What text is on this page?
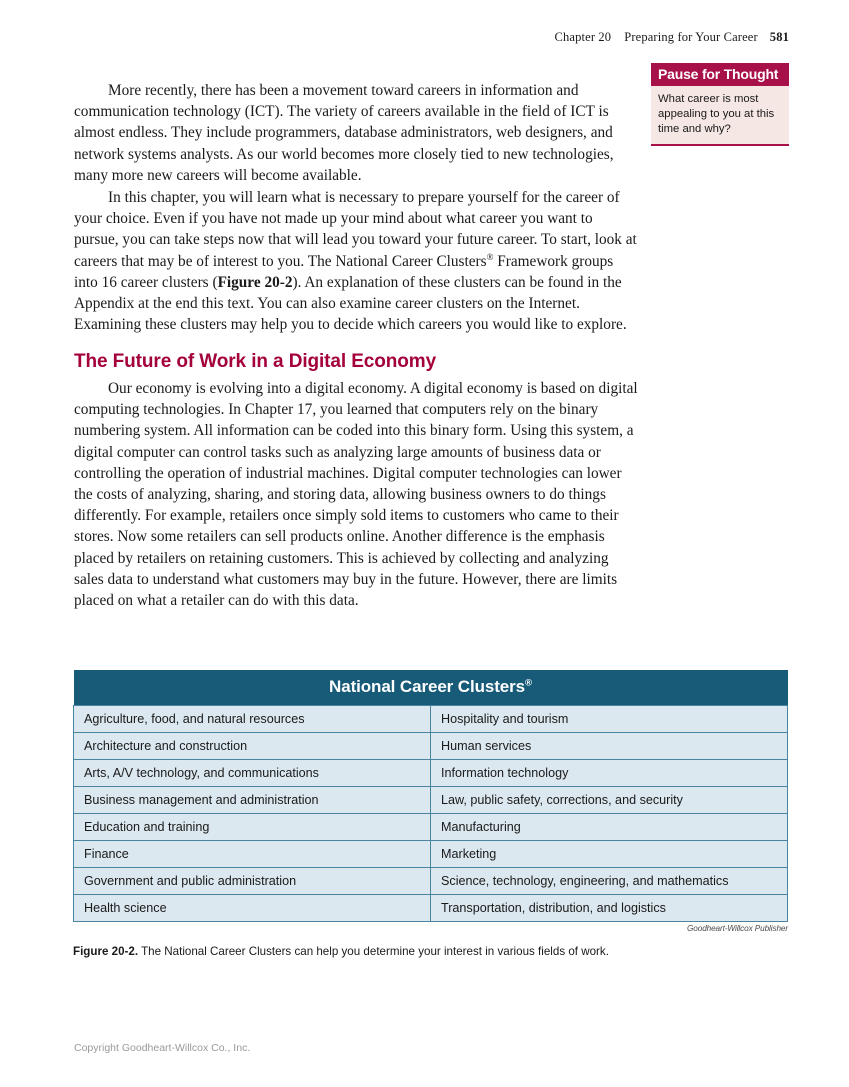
Chapter 20 Preparing for Your Career 581
Pause for Thought
What career is most appealing to you at this time and why?

More recently, there has been a movement toward careers in information and communication technology (ICT). The variety of careers available in the field of ICT is almost endless. They include programmers, database administrators, web designers, and network systems analysts. As our world becomes more closely tied to new technologies, many more new careers will become available.

In this chapter, you will learn what is necessary to prepare yourself for the career of your choice. Even if you have not made up your mind about what career you want to pursue, you can take steps now that will lead you toward your future career. To start, look at careers that may be of interest to you. The National Career Clusters® Framework groups into 16 career clusters (Figure 20-2). An explanation of these clusters can be found in the Appendix at the end this text. You can also examine career clusters on the Internet. Examining these clusters may help you to decide which careers you would like to explore.

The Future of Work in a Digital Economy

Our economy is evolving into a digital economy. A digital economy is based on digital computing technologies. In Chapter 17, you learned that computers rely on the binary numbering system. All information can be coded into this binary form. Using this system, a digital computer can control tasks such as analyzing large amounts of business data or controlling the operation of industrial machines. Digital computer technologies can lower the costs of analyzing, sharing, and storing data, allowing business owners to do things differently. For example, retailers once simply sold items to customers who came to their stores. Now some retailers can sell products online. Another difference is the emphasis placed by retailers on retaining customers. This is achieved by collecting and analyzing sales data to understand what customers may buy in the future. However, there are limits placed on what a retailer can do with this data.

National Career Clusters®
Agriculture, food, and natural resources	Hospitality and tourism
Architecture and construction	Human services
Arts, A/V technology, and communications	Information technology
Business management and administration	Law, public safety, corrections, and security
Education and training	Manufacturing
Finance	Marketing
Government and public administration	Science, technology, engineering, and mathematics
Health science	Transportation, distribution, and logistics
Goodheart-Willcox Publisher
Figure 20-2. The National Career Clusters can help you determine your interest in various fields of work.
Copyright Goodheart-Willcox Co., Inc.
